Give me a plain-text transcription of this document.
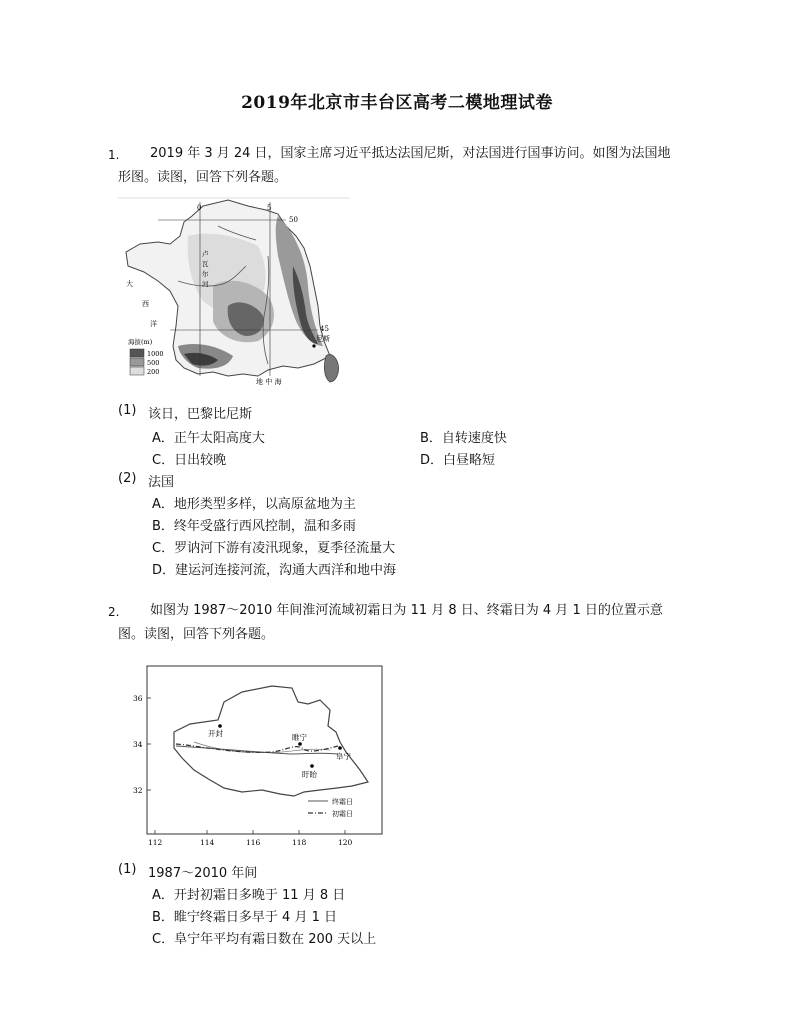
2019年北京市丰台区高考二模地理试卷
1. 2019 年 3 月 24 日，国家主席习近平抵达法国尼斯，对法国进行国事访问。如图为法国地
形图。读图，回答下列各题。
0	5
50
45
尼斯
大
西
洋
地 中 海
卢
瓦
尔
河
海拔(m)
1000
500
200
(1) 该日，巴黎比尼斯
A．正午太阳高度大	B．自转速度快
C．日出较晚	D．白昼略短
(2) 法国
A．地形类型多样，以高原盆地为主
B．终年受盛行西风控制，温和多雨
C．罗讷河下游有凌汛现象，夏季径流量大
D．建运河连接河流，沟通大西洋和地中海
2. 如图为 1987～2010 年间淮河流域初霜日为 11 月 8 日、终霜日为 4 月 1 日的位置示意
图。读图，回答下列各题。
112	114	116	118	120
36
34
32
开封	睢宁
阜宁
盱眙
终霜日
初霜日
(1) 1987～2010 年间
A．开封初霜日多晚于 11 月 8 日
B．睢宁终霜日多早于 4 月 1 日
C．阜宁年平均有霜日数在 200 天以上
